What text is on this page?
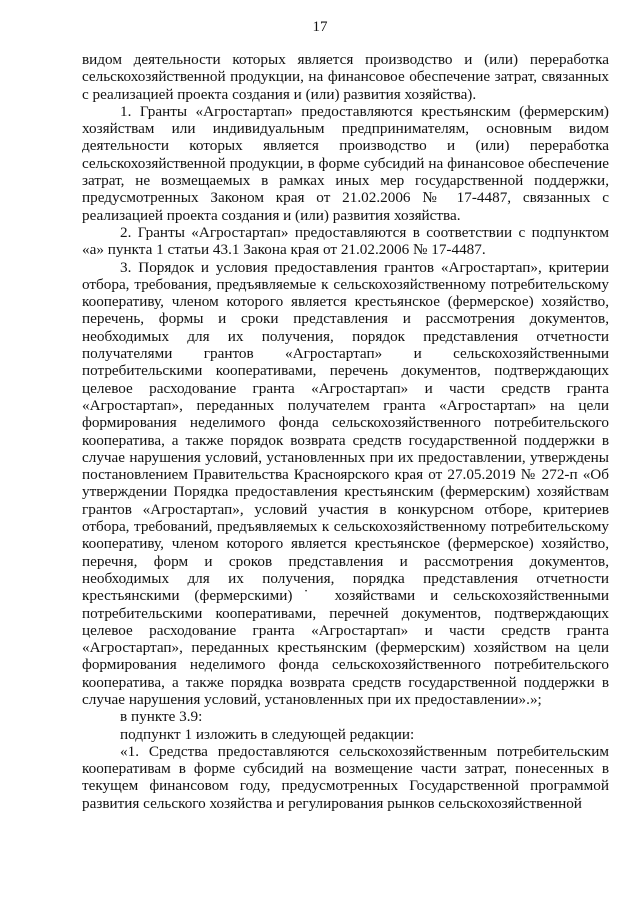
17

видом деятельности которых является производство и (или) переработка сельскохозяйственной продукции, на финансовое обеспечение затрат, связанных с реализацией проекта создания и (или) развития хозяйства).

1. Гранты «Агростартап» предоставляются крестьянским (фермерским) хозяйствам или индивидуальным предпринимателям, основным видом деятельности которых является производство и (или) переработка сельскохозяйственной продукции, в форме субсидий на финансовое обеспечение затрат, не возмещаемых в рамках иных мер государственной поддержки, предусмотренных Законом края от 21.02.2006 № 17-4487, связанных с реализацией проекта создания и (или) развития хозяйства.

2. Гранты «Агростартап» предоставляются в соответствии с подпунктом «а» пункта 1 статьи 43.1 Закона края от 21.02.2006 № 17-4487.

3. Порядок и условия предоставления грантов «Агростартап», критерии отбора, требования, предъявляемые к сельскохозяйственному потребительскому кооперативу, членом которого является крестьянское (фермерское) хозяйство, перечень, формы и сроки представления и рассмотрения документов, необходимых для их получения, порядок представления отчетности получателями грантов «Агростартап» и сельскохозяйственными потребительскими кооперативами, перечень документов, подтверждающих целевое расходование гранта «Агростартап» и части средств гранта «Агростартап», переданных получателем гранта «Агростартап» на цели формирования неделимого фонда сельскохозяйственного потребительского кооператива, а также порядок возврата средств государственной поддержки в случае нарушения условий, установленных при их предоставлении, утверждены постановлением Правительства Красноярского края от 27.05.2019 № 272-п «Об утверждении Порядка предоставления крестьянским (фермерским) хозяйствам грантов «Агростартап», условий участия в конкурсном отборе, критериев отбора, требований, предъявляемых к сельскохозяйственному потребительскому кооперативу, членом которого является крестьянское (фермерское) хозяйство, перечня, форм и сроков представления и рассмотрения документов, необходимых для их получения, порядка представления отчетности крестьянскими (фермерскими)˙ хозяйствами и сельскохозяйственными потребительскими кооперативами, перечней документов, подтверждающих целевое расходование гранта «Агростартап» и части средств гранта «Агростартап», переданных крестьянским (фермерским) хозяйством на цели формирования неделимого фонда сельскохозяйственного потребительского кооператива, а также порядка возврата средств государственной поддержки в случае нарушения условий, установленных при их предоставлении».»;

в пункте 3.9:

подпункт 1 изложить в следующей редакции:

«1. Средства предоставляются сельскохозяйственным потребительским кооперативам в форме субсидий на возмещение части затрат, понесенных в текущем финансовом году, предусмотренных Государственной программой развития сельского хозяйства и регулирования рынков сельскохозяйственной
